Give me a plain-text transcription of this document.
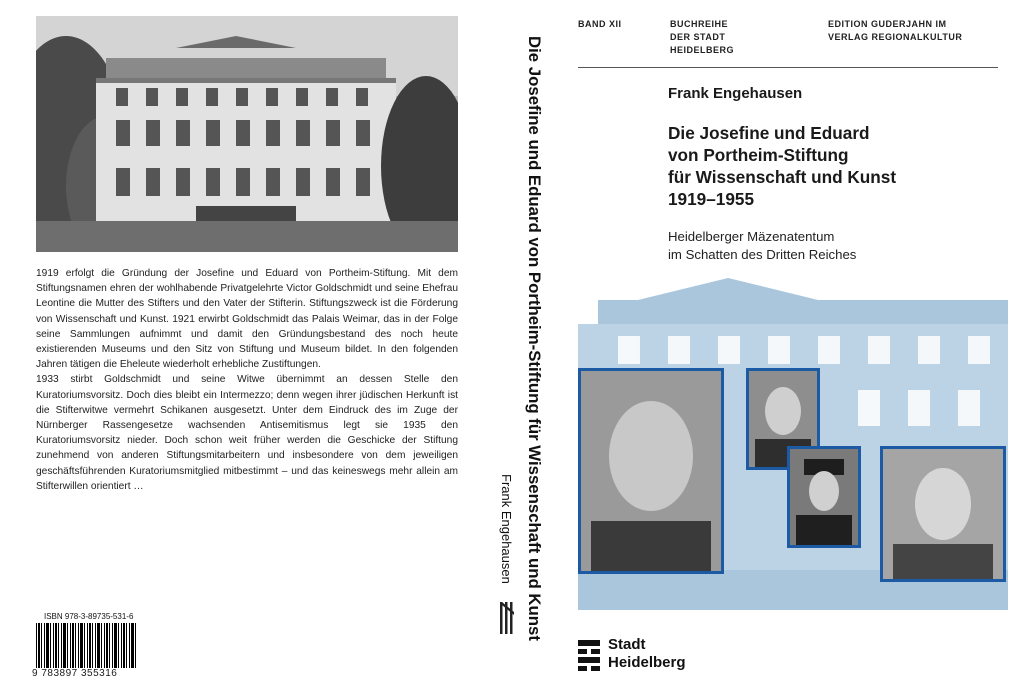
1919 erfolgt die Gründung der Josefine und Eduard von Portheim-Stiftung. Mit dem Stiftungsnamen ehren der wohlhabende Privatgelehrte Victor Goldschmidt und seine Ehefrau Leontine die Mutter des Stifters und den Vater der Stifterin. Stiftungszweck ist die Förderung von Wissenschaft und Kunst. 1921 erwirbt Goldschmidt das Palais Weimar, das in der Folge seine Sammlungen aufnimmt und damit den Gründungsbestand des noch heute existierenden Museums und den Sitz von Stiftung und Museum bildet. In den folgenden Jahren tätigen die Eheleute wiederholt erhebliche Zustiftungen.

1933 stirbt Goldschmidt und seine Witwe übernimmt an dessen Stelle den Kuratoriumsvorsitz. Doch dies bleibt ein Intermezzo; denn wegen ihrer jüdischen Herkunft ist die Stifterwitwe vermehrt Schikanen ausgesetzt. Unter dem Eindruck des im Zuge der Nürnberger Rassengesetze wachsenden Antisemitismus legt sie 1935 den Kuratoriumsvorsitz nieder. Doch schon weit früher werden die Geschicke der Stiftung zunehmend von anderen Stiftungsmitarbeitern und insbesondere von dem jeweiligen geschäftsführenden Kuratoriumsmitglied mitbestimmt – und das keineswegs mehr allein am Stifterwillen orientiert …

ISBN 978-3-89735-531-6
9 783897 355316
Die Josefine und Eduard von Portheim-Stiftung für Wissenschaft und Kunst
Frank Engehausen
BAND XII	BUCHREIHE
DER STADT
HEIDELBERG
EDITION GUDERJAHN IM
VERLAG REGIONALKULTUR
Frank Engehausen
Die Josefine und Eduard
von Portheim-Stiftung
für Wissenschaft und Kunst
1919–1955
Heidelberger Mäzenatentum
im Schatten des Dritten Reiches
Stadt
Heidelberg
